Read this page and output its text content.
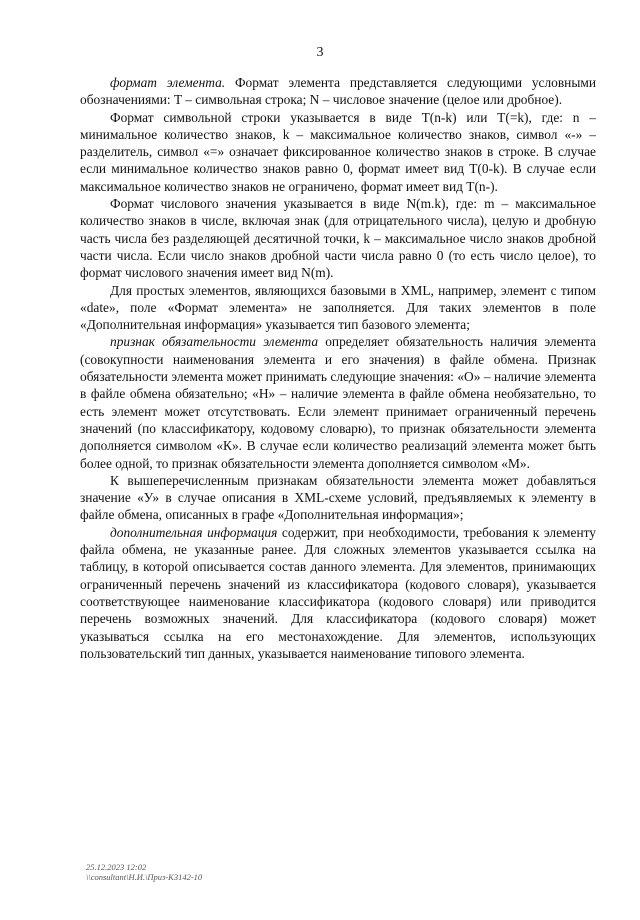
3

формат элемента. Формат элемента представляется следующими условными обозначениями: T – символьная строка; N – числовое значение (целое или дробное).

Формат символьной строки указывается в виде T(n-k) или T(=k), где: n – минимальное количество знаков, k – максимальное количество знаков, символ «-» – разделитель, символ «=» означает фиксированное количество знаков в строке. В случае если минимальное количество знаков равно 0, формат имеет вид T(0-k). В случае если максимальное количество знаков не ограничено, формат имеет вид T(n-).

Формат числового значения указывается в виде N(m.k), где: m – максимальное количество знаков в числе, включая знак (для отрицательного числа), целую и дробную часть числа без разделяющей десятичной точки, k – максимальное число знаков дробной части числа. Если число знаков дробной части числа равно 0 (то есть число целое), то формат числового значения имеет вид N(m).

Для простых элементов, являющихся базовыми в XML, например, элемент с типом «date», поле «Формат элемента» не заполняется. Для таких элементов в поле «Дополнительная информация» указывается тип базового элемента;

признак обязательности элемента определяет обязательность наличия элемента (совокупности наименования элемента и его значения) в файле обмена. Признак обязательности элемента может принимать следующие значения: «О» – наличие элемента в файле обмена обязательно; «Н» – наличие элемента в файле обмена необязательно, то есть элемент может отсутствовать. Если элемент принимает ограниченный перечень значений (по классификатору, кодовому словарю), то признак обязательности элемента дополняется символом «К». В случае если количество реализаций элемента может быть более одной, то признак обязательности элемента дополняется символом «М».

К вышеперечисленным признакам обязательности элемента может добавляться значение «У» в случае описания в XML-схеме условий, предъявляемых к элементу в файле обмена, описанных в графе «Дополнительная информация»;

дополнительная информация содержит, при необходимости, требования к элементу файла обмена, не указанные ранее. Для сложных элементов указывается ссылка на таблицу, в которой описывается состав данного элемента. Для элементов, принимающих ограниченный перечень значений из классификатора (кодового словаря), указывается соответствующее наименование классификатора (кодового словаря) или приводится перечень возможных значений. Для классификатора (кодового словаря) может указываться ссылка на его местонахождение. Для элементов, использующих пользовательский тип данных, указывается наименование типового элемента.

25.12.2023 12:02
\\consultant\Н.И.\Приз-К3142-10
